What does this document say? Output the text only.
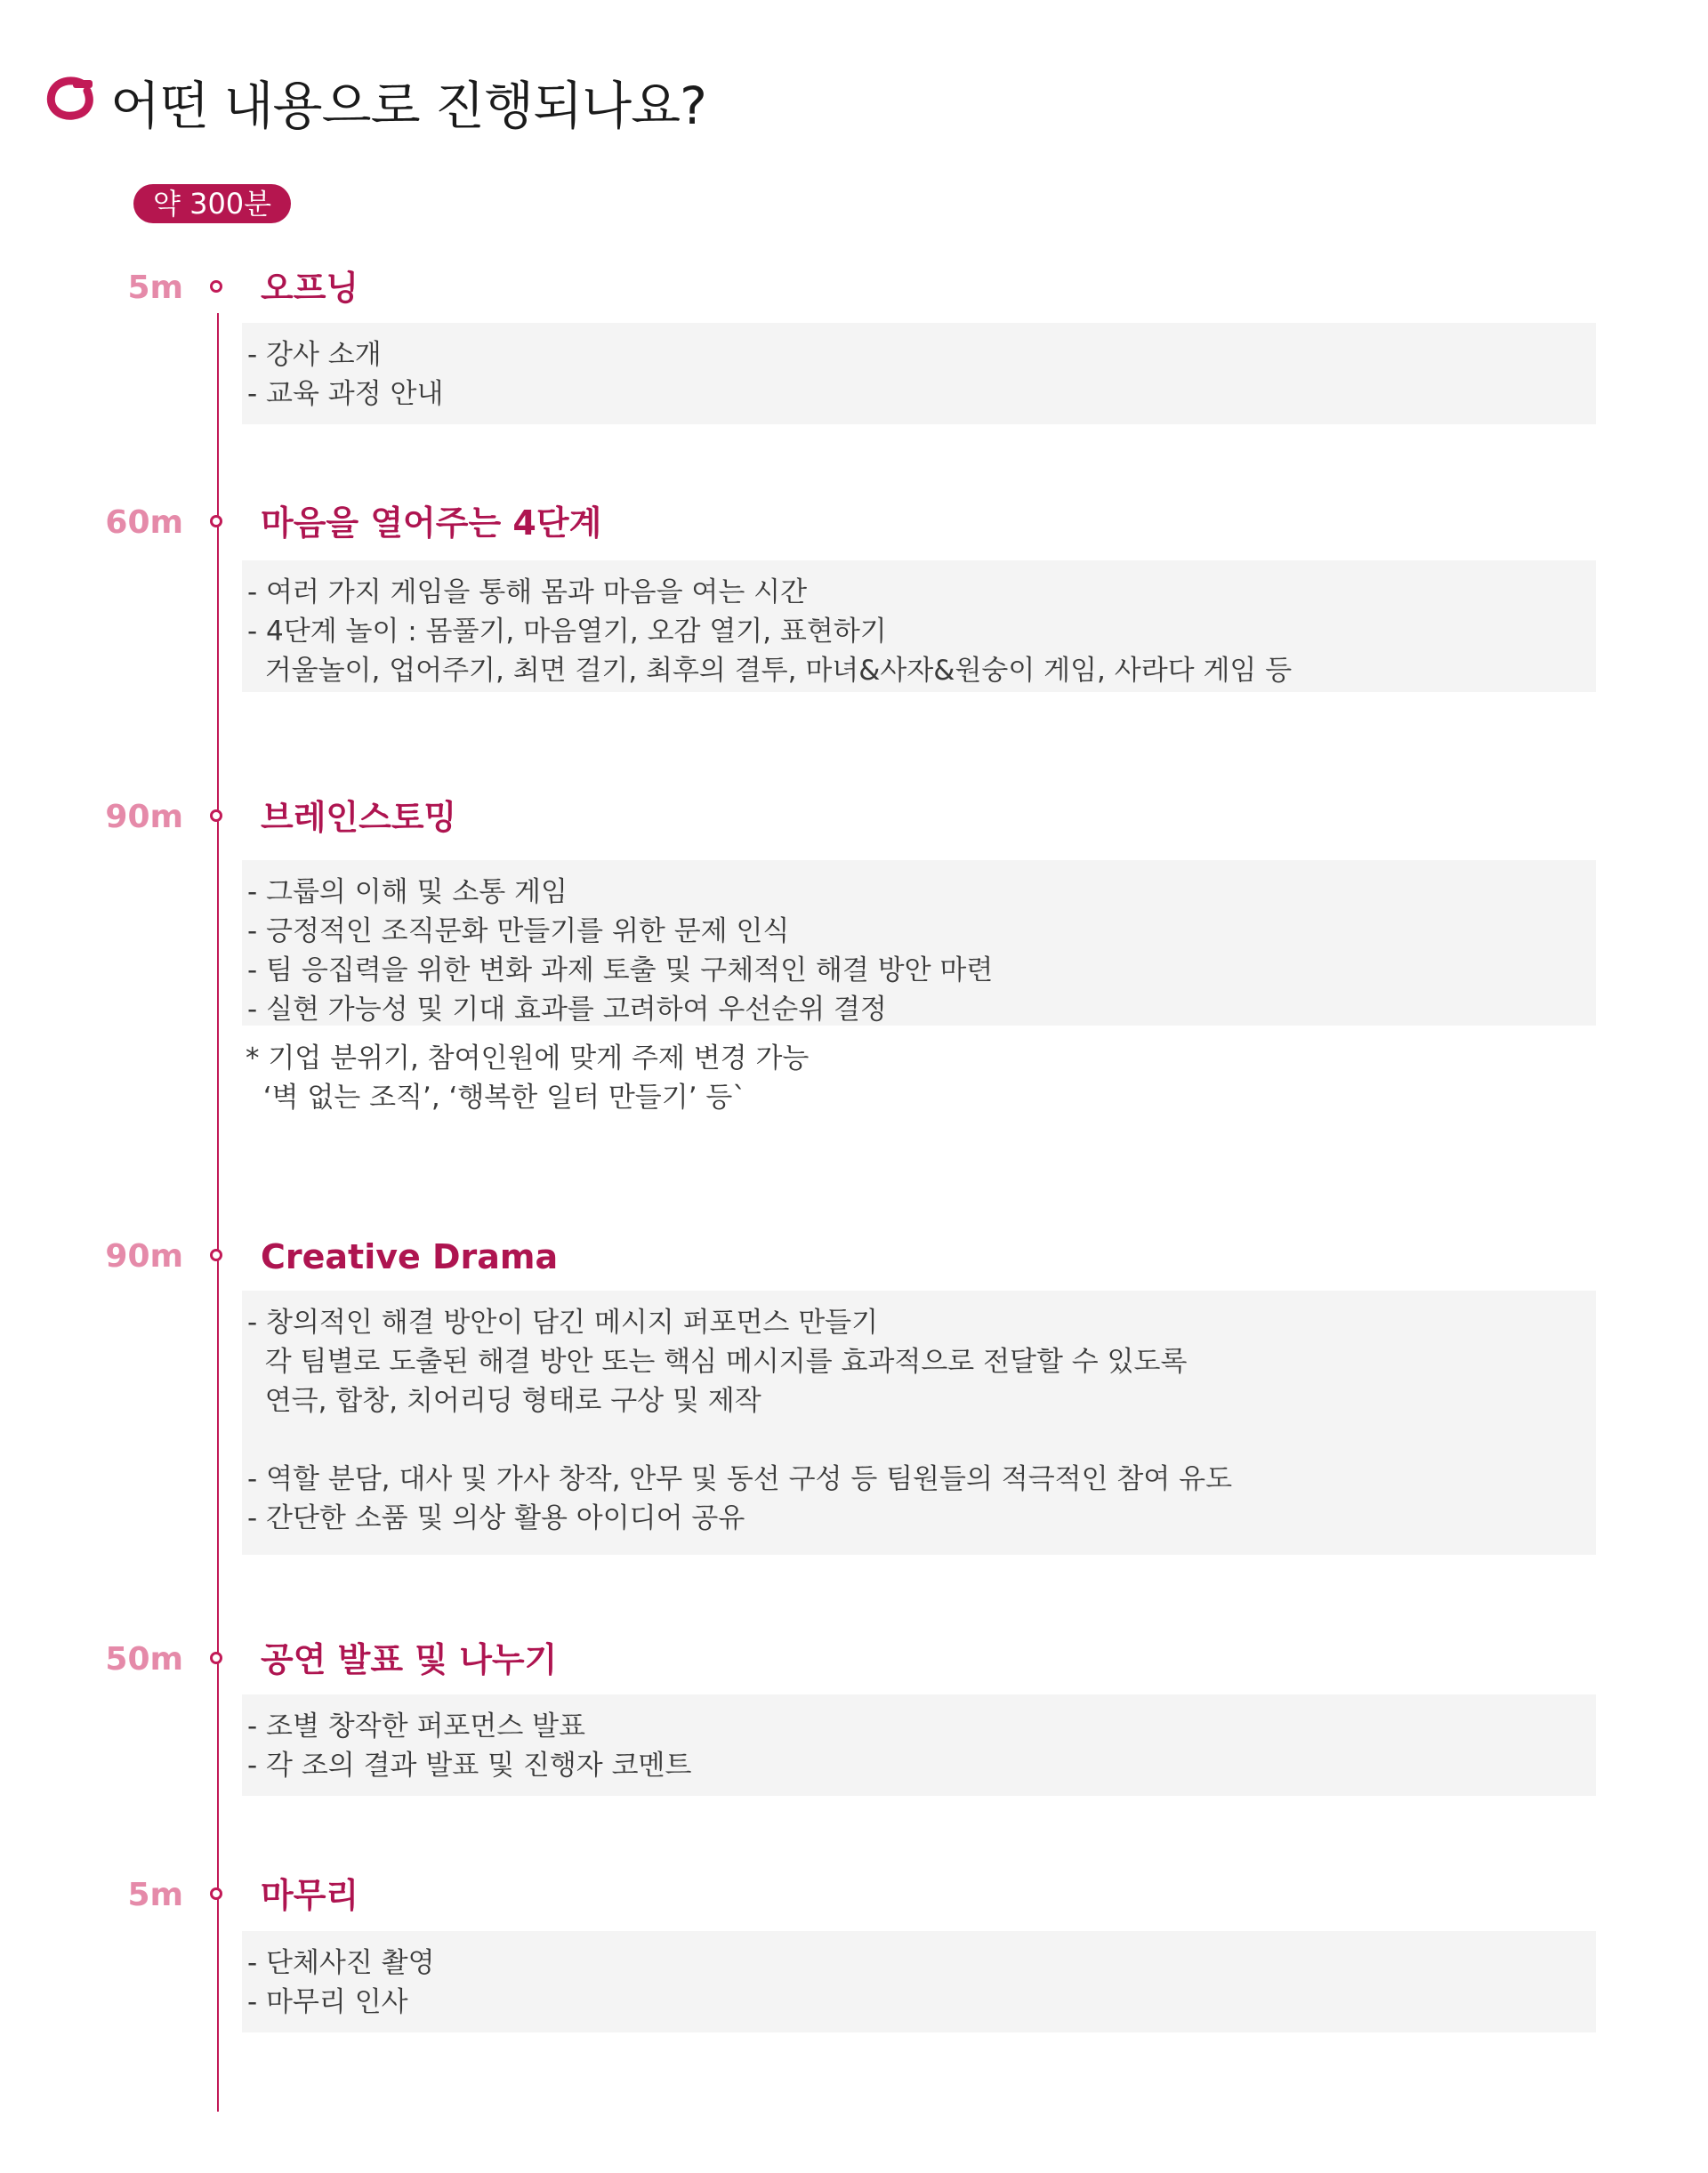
어떤 내용으로 진행되나요?
약 300분
5m 오프닝

- 강사 소개

- 교육 과정 안내

60m 마음을 열어주는 4단계

- 여러 가지 게임을 통해 몸과 마음을 여는 시간

- 4단계 놀이 : 몸풀기, 마음열기, 오감 열기, 표현하기

거울놀이, 업어주기, 최면 걸기, 최후의 결투, 마녀&사자&원숭이 게임, 사라다 게임 등

90m 브레인스토밍

- 그룹의 이해 및 소통 게임

- 긍정적인 조직문화 만들기를 위한 문제 인식

- 팀 응집력을 위한 변화 과제 토출 및 구체적인 해결 방안 마련

- 실현 가능성 및 기대 효과를 고려하여 우선순위 결정

* 기업 분위기, 참여인원에 맞게 주제 변경 가능

‘벽 없는 조직’, ‘행복한 일터 만들기’ 등`

90m Creative Drama

- 창의적인 해결 방안이 담긴 메시지 퍼포먼스 만들기

각 팀별로 도출된 해결 방안 또는 핵심 메시지를 효과적으로 전달할 수 있도록

연극, 합창, 치어리딩 형태로 구상 및 제작

- 역할 분담, 대사 및 가사 창작, 안무 및 동선 구성 등 팀원들의 적극적인 참여 유도

- 간단한 소품 및 의상 활용 아이디어 공유

50m 공연 발표 및 나누기

- 조별 창작한 퍼포먼스 발표

- 각 조의 결과 발표 및 진행자 코멘트

5m 마무리

- 단체사진 촬영

- 마무리 인사
